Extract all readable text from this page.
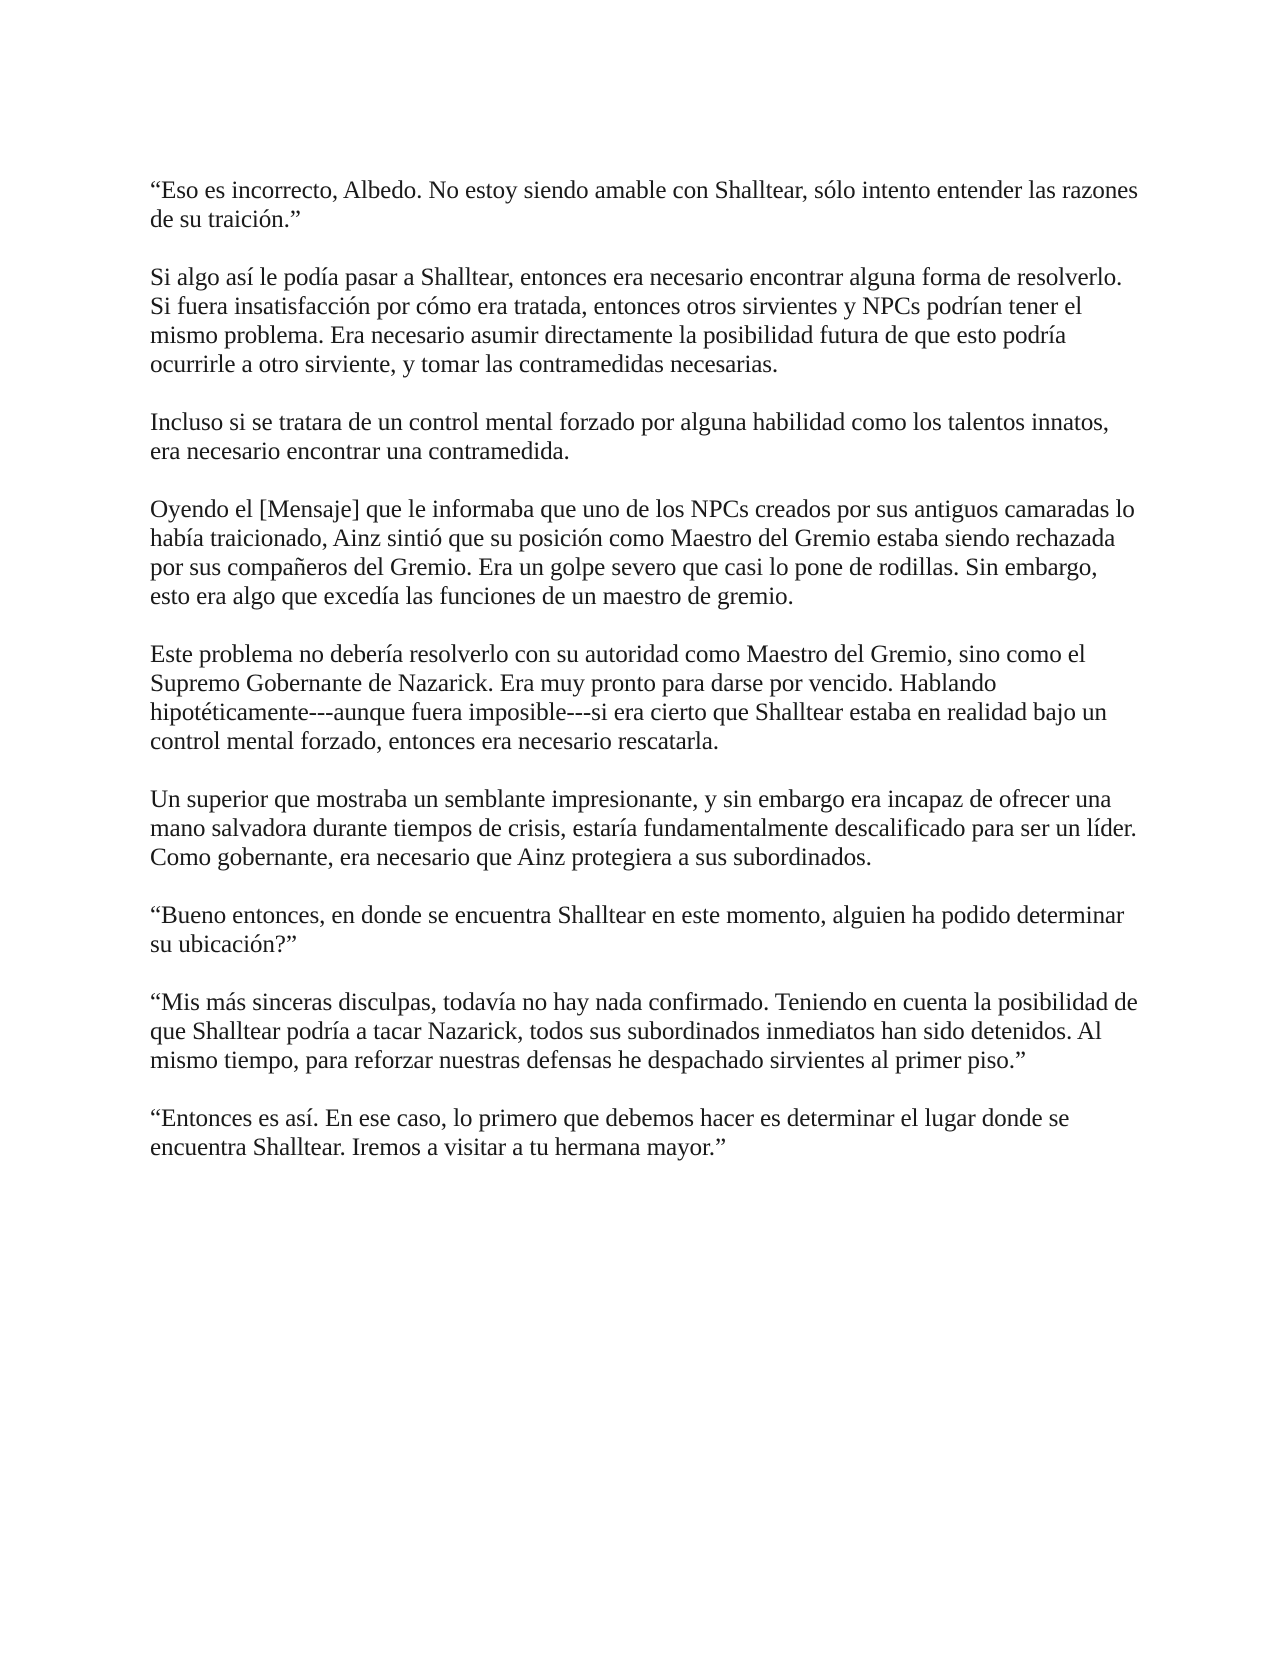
“Eso es incorrecto, Albedo. No estoy siendo amable con Shalltear, sólo intento entender las razones de su traición.”

Si algo así le podía pasar a Shalltear, entonces era necesario encontrar alguna forma de resolverlo. Si fuera insatisfacción por cómo era tratada, entonces otros sirvientes y NPCs podrían tener el mismo problema. Era necesario asumir directamente la posibilidad futura de que esto podría ocurrirle a otro sirviente, y tomar las contramedidas necesarias.

Incluso si se tratara de un control mental forzado por alguna habilidad como los talentos innatos, era necesario encontrar una contramedida.

Oyendo el [Mensaje] que le informaba que uno de los NPCs creados por sus antiguos camaradas lo había traicionado, Ainz sintió que su posición como Maestro del Gremio estaba siendo rechazada por sus compañeros del Gremio. Era un golpe severo que casi lo pone de rodillas. Sin embargo, esto era algo que excedía las funciones de un maestro de gremio.

Este problema no debería resolverlo con su autoridad como Maestro del Gremio, sino como el Supremo Gobernante de Nazarick. Era muy pronto para darse por vencido. Hablando hipotéticamente---aunque fuera imposible---si era cierto que Shalltear estaba en realidad bajo un control mental forzado, entonces era necesario rescatarla.

Un superior que mostraba un semblante impresionante, y sin embargo era incapaz de ofrecer una mano salvadora durante tiempos de crisis, estaría fundamentalmente descalificado para ser un líder.

Como gobernante, era necesario que Ainz protegiera a sus subordinados.

“Bueno entonces, en donde se encuentra Shalltear en este momento, alguien ha podido determinar su ubicación?”

“Mis más sinceras disculpas, todavía no hay nada confirmado. Teniendo en cuenta la posibilidad de que Shalltear podría a tacar Nazarick, todos sus subordinados inmediatos han sido detenidos. Al mismo tiempo, para reforzar nuestras defensas he despachado sirvientes al primer piso.”

“Entonces es así. En ese caso, lo primero que debemos hacer es determinar el lugar donde se encuentra Shalltear. Iremos a visitar a tu hermana mayor.”
